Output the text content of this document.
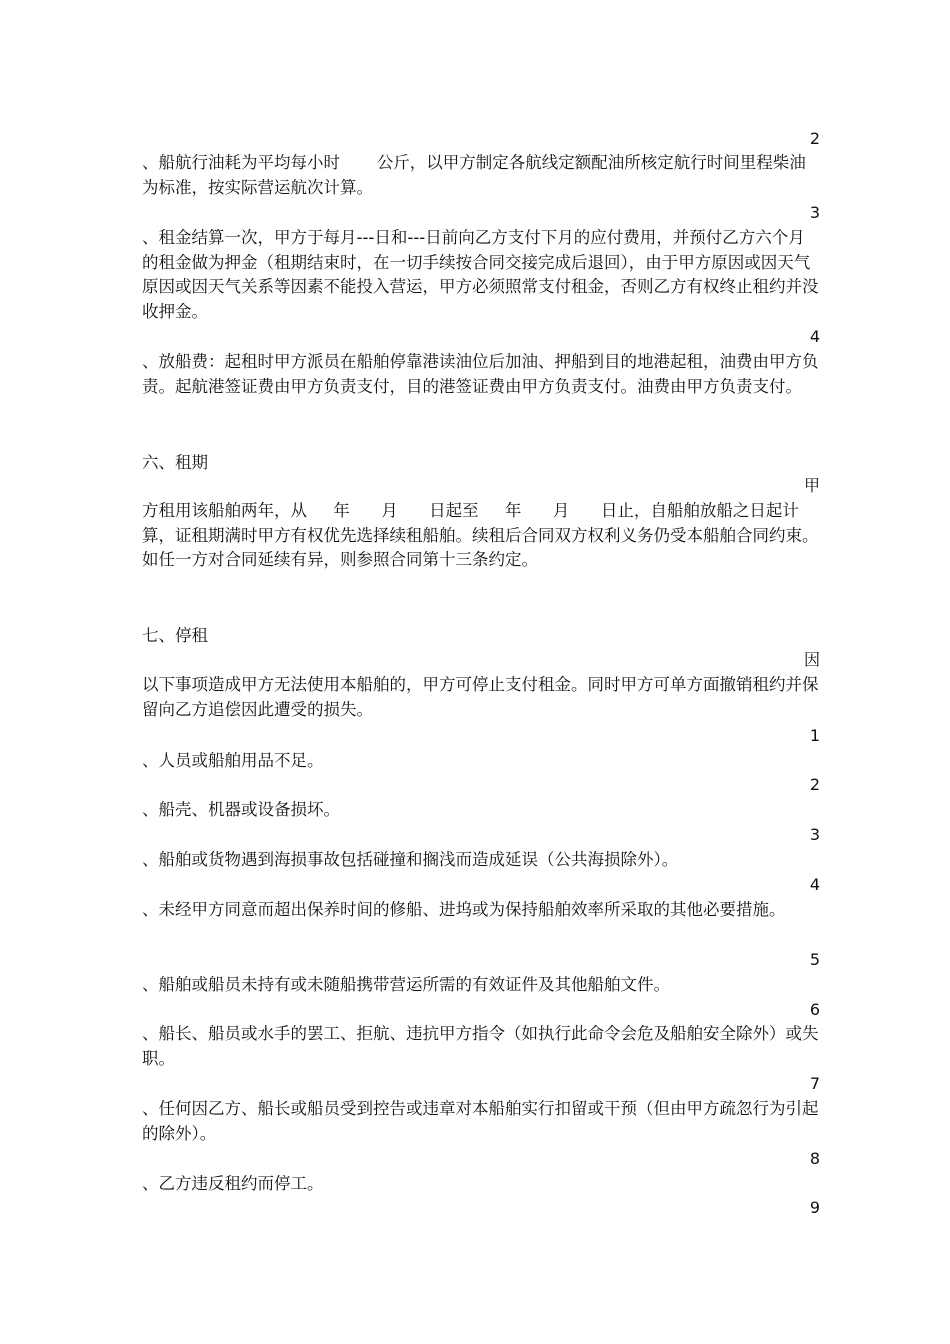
2

、船航行油耗为平均每小时       公斤，以甲方制定各航线定额配油所核定航行时间里程柴油为标准，按实际营运航次计算。

3

、租金结算一次，甲方于每月---日和---日前向乙方支付下月的应付费用，并预付乙方六个月的租金做为押金（租期结束时，在一切手续按合同交接完成后退回），由于甲方原因或因天气原因或因天气关系等因素不能投入营运，甲方必须照常支付租金，否则乙方有权终止租约并没收押金。

4

、放船费：起租时甲方派员在船舶停靠港读油位后加油、押船到目的地港起租，油费由甲方负责。起航港签证费由甲方负责支付，目的港签证费由甲方负责支付。油费由甲方负责支付。

六、租期

甲

方租用该船舶两年，从     年      月      日起至     年      月      日止，自船舶放船之日起计算，证租期满时甲方有权优先选择续租船舶。续租后合同双方权利义务仍受本船舶合同约束。如任一方对合同延续有异，则参照合同第十三条约定。

七、停租

因

以下事项造成甲方无法使用本船舶的，甲方可停止支付租金。同时甲方可单方面撤销租约并保留向乙方追偿因此遭受的损失。

1

、人员或船舶用品不足。

2

、船壳、机器或设备损坏。

3

、船舶或货物遇到海损事故包括碰撞和搁浅而造成延误（公共海损除外）。

4

、未经甲方同意而超出保养时间的修船、进坞或为保持船舶效率所采取的其他必要措施。

5

、船舶或船员未持有或未随船携带营运所需的有效证件及其他船舶文件。

6

、船长、船员或水手的罢工、拒航、违抗甲方指令（如执行此命令会危及船舶安全除外）或失职。

7

、任何因乙方、船长或船员受到控告或违章对本船舶实行扣留或干预（但由甲方疏忽行为引起的除外）。

8

、乙方违反租约而停工。

9
